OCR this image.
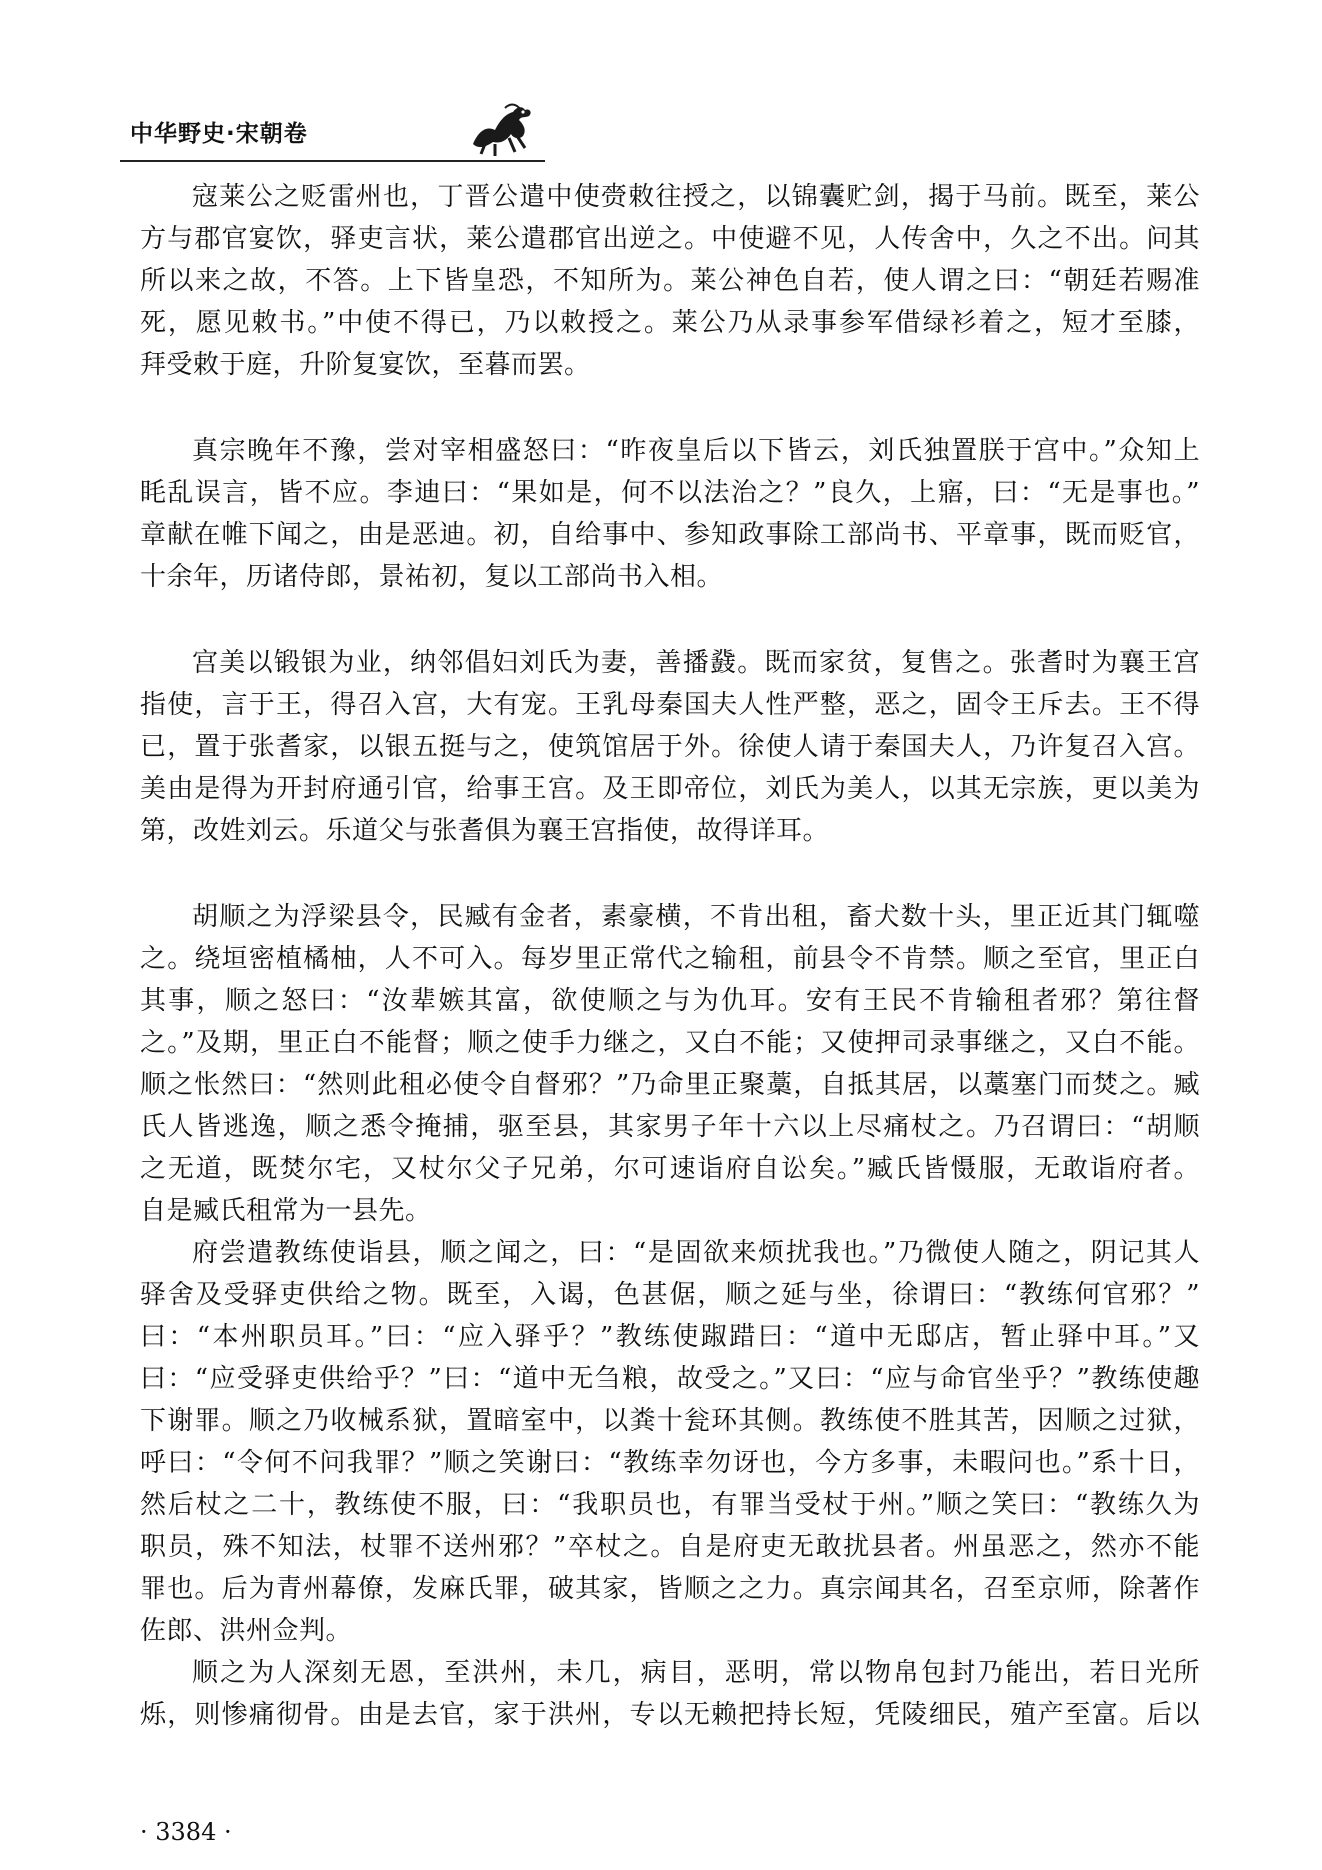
中华野史·宋朝卷
寇莱公之贬雷州也，丁晋公遣中使赍敕往授之，以锦囊贮剑，揭于马前。既至，莱公
方与郡官宴饮，驿吏言状，莱公遣郡官出逆之。中使避不见，人传舍中，久之不出。问其
所以来之故，不答。上下皆皇恐，不知所为。莱公神色自若，使人谓之曰：“朝廷若赐准
死，愿见敕书。”中使不得已，乃以敕授之。莱公乃从录事参军借绿衫着之，短才至膝，
拜受敕于庭，升阶复宴饮，至暮而罢。
真宗晚年不豫，尝对宰相盛怒曰：“昨夜皇后以下皆云，刘氏独置朕于宫中。”众知上
眊乱误言，皆不应。李迪曰：“果如是，何不以法治之？”良久，上寤，曰：“无是事也。”
章献在帷下闻之，由是恶迪。初，自给事中、参知政事除工部尚书、平章事，既而贬官，
十余年，历诸侍郎，景祐初，复以工部尚书入相。
宫美以锻银为业，纳邻倡妇刘氏为妻，善播鼗。既而家贫，复售之。张耆时为襄王宫
指使，言于王，得召入宫，大有宠。王乳母秦国夫人性严整，恶之，固令王斥去。王不得
已，置于张耆家，以银五挺与之，使筑馆居于外。徐使人请于秦国夫人，乃许复召入宫。
美由是得为开封府通引官，给事王宫。及王即帝位，刘氏为美人，以其无宗族，更以美为
第，改姓刘云。乐道父与张耆俱为襄王宫指使，故得详耳。
胡顺之为浮梁县令，民臧有金者，素豪横，不肯出租，畜犬数十头，里正近其门辄噬
之。绕垣密植橘柚，人不可入。每岁里正常代之输租，前县令不肯禁。顺之至官，里正白
其事，顺之怒曰：“汝辈嫉其富，欲使顺之与为仇耳。安有王民不肯输租者邪？第往督
之。”及期，里正白不能督；顺之使手力继之，又白不能；又使押司录事继之，又白不能。
顺之怅然曰：“然则此租必使令自督邪？”乃命里正聚藁，自抵其居，以藁塞门而焚之。臧
氏人皆逃逸，顺之悉令掩捕，驱至县，其家男子年十六以上尽痛杖之。乃召谓曰：“胡顺
之无道，既焚尔宅，又杖尔父子兄弟，尔可速诣府自讼矣。”臧氏皆慑服，无敢诣府者。
自是臧氏租常为一县先。
府尝遣教练使诣县，顺之闻之，曰：“是固欲来烦扰我也。”乃微使人随之，阴记其人
驿舍及受驿吏供给之物。既至，入谒，色甚倨，顺之延与坐，徐谓曰：“教练何官邪？”
曰：“本州职员耳。”曰：“应入驿乎？”教练使踧踖曰：“道中无邸店，暂止驿中耳。”又
曰：“应受驿吏供给乎？”曰：“道中无刍粮，故受之。”又曰：“应与命官坐乎？”教练使趣
下谢罪。顺之乃收械系狱，置暗室中，以粪十瓮环其侧。教练使不胜其苦，因顺之过狱，
呼曰：“令何不问我罪？”顺之笑谢曰：“教练幸勿讶也，今方多事，未暇问也。”系十日，
然后杖之二十，教练使不服，曰：“我职员也，有罪当受杖于州。”顺之笑曰：“教练久为
职员，殊不知法，杖罪不送州邪？”卒杖之。自是府吏无敢扰县者。州虽恶之，然亦不能
罪也。后为青州幕僚，发麻氏罪，破其家，皆顺之之力。真宗闻其名，召至京师，除著作
佐郎、洪州佥判。
顺之为人深刻无恩，至洪州，未几，病目，恶明，常以物帛包封乃能出，若日光所
烁，则惨痛彻骨。由是去官，家于洪州，专以无赖把持长短，凭陵细民，殖产至富。后以
· 3384 ·
